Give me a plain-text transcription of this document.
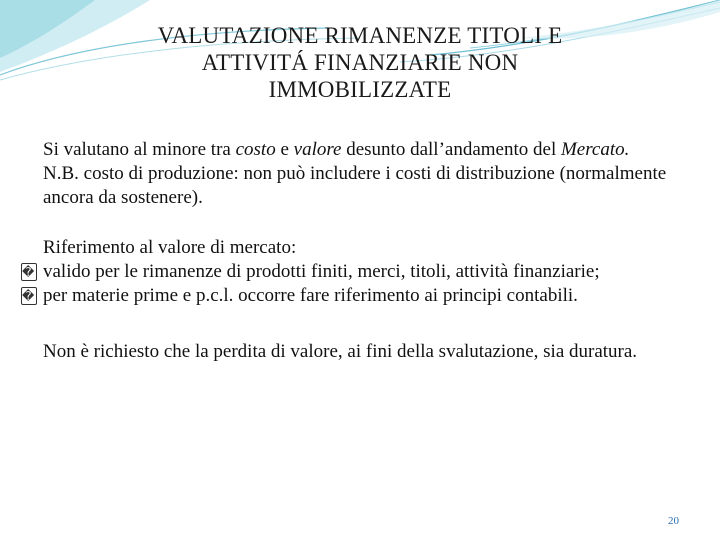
VALUTAZIONE RIMANENZE TITOLI E
ATTIVITÁ FINANZIARIE NON
IMMOBILIZZATE

Si valutano al minore tra costo e valore desunto dall’andamento del Mercato.

N.B. costo di produzione: non può includere i costi di distribuzione (normalmente ancora da sostenere).

Riferimento al valore di mercato:

� valido per le rimanenze di prodotti finiti, merci, titoli, attività finanziarie;

� per materie prime e p.c.l. occorre fare riferimento ai principi contabili.

Non è richiesto che la perdita di valore, ai fini della svalutazione, sia duratura.

20
